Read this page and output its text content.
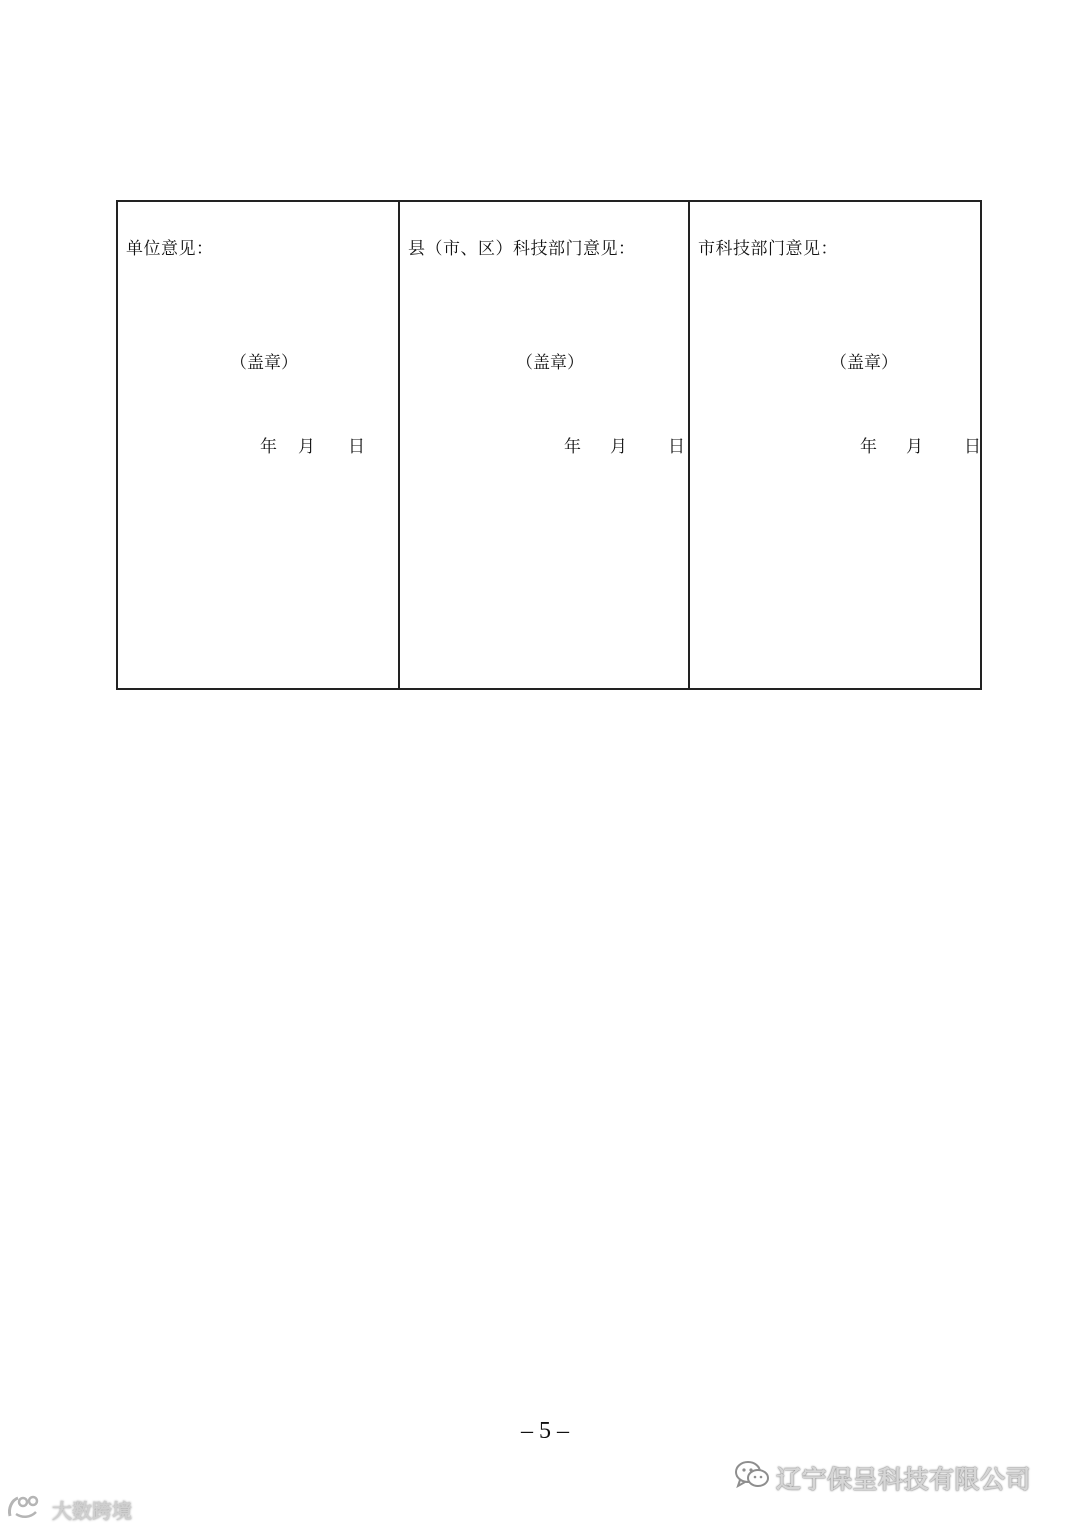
单位意见：
（盖章）
年	月	日
县（市、区）科技部门意见：
（盖章）
年	月	日
市科技部门意见：
（盖章）
年	月	日
– 5 –
大数跨境
辽宁保呈科技有限公司
